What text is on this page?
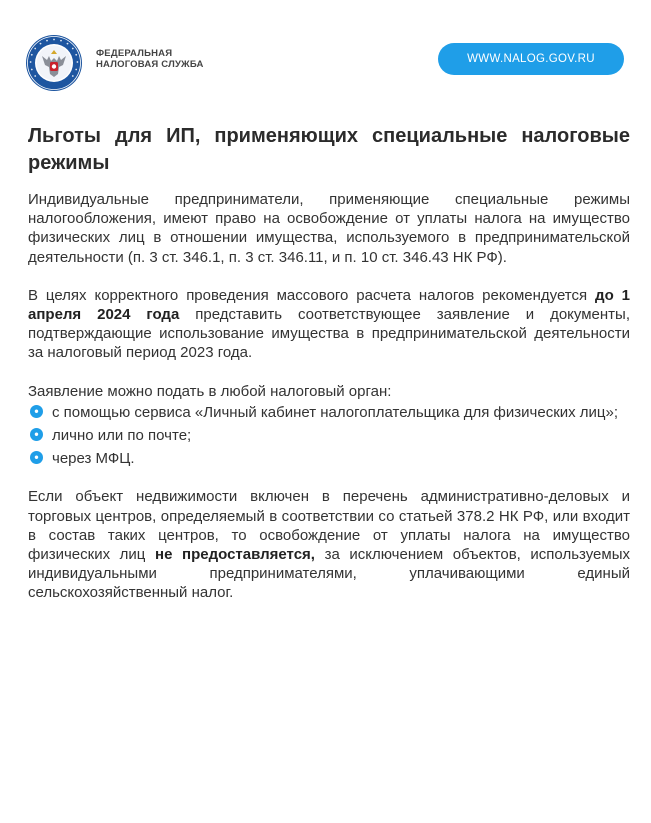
ФЕДЕРАЛЬНАЯ
НАЛОГОВАЯ СЛУЖБА	WWW.NALOG.GOV.RU
Льготы для ИП, применяющих специальные налоговые режимы

Индивидуальные предприниматели, применяющие специальные режимы налогообложения, имеют право на освобождение от уплаты налога на имущество физических лиц в отношении имущества, используемого в предпринимательской деятельности (п. 3 ст. 346.1, п. 3 ст. 346.11, и п. 10 ст. 346.43 НК РФ).

В целях корректного проведения массового расчета налогов рекомендуется до 1 апреля 2024 года представить соответствующее заявление и документы, подтверждающие использование имущества в предпринимательской деятельности за налоговый период 2023 года.

Заявление можно подать в любой налоговый орган:

• с помощью сервиса «Личный кабинет налогоплательщика для физических лиц»;
• лично или по почте;
• через МФЦ.

Если объект недвижимости включен в перечень административно-деловых и торговых центров, определяемый в соответствии со статьей 378.2 НК РФ, или входит в состав таких центров, то освобождение от уплаты налога на имущество физических лиц не предоставляется, за исключением объектов, используемых индивидуальными предпринимателями, уплачивающими единый сельскохозяйственный налог.
